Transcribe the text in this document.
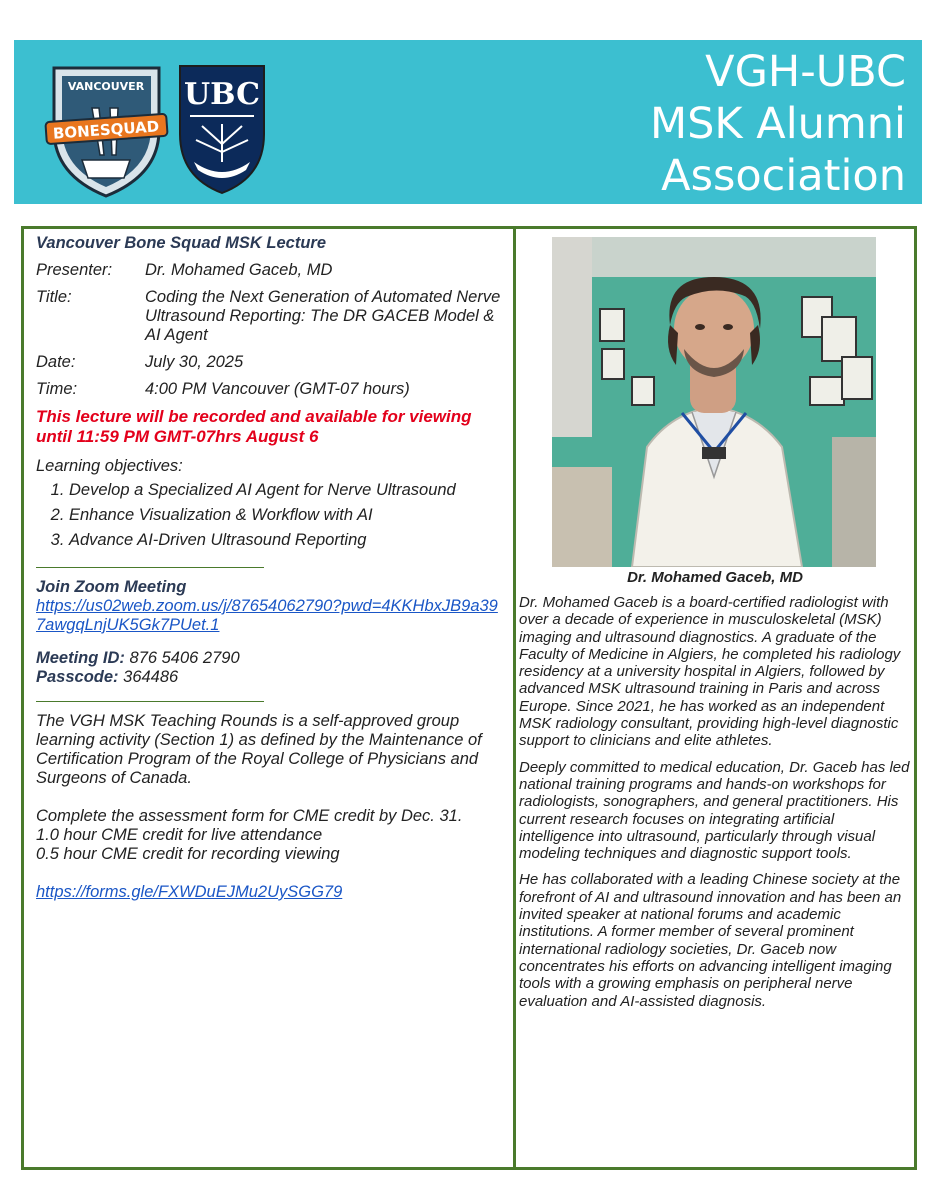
VANCOUVER
BONESQUAD
UBC	VGH-UBC
MSK Alumni
Association
Vancouver Bone Squad MSK Lecture
Presenter:	Dr. Mohamed Gaceb, MD
Title:	Coding the Next Generation of Automated Nerve Ultrasound Reporting: The DR GACEB Model & AI Agent
Date:	July 30, 2025
Time:	4:00 PM Vancouver (GMT-07 hours)
This lecture will be recorded and available for viewing until 11:59 PM GMT-07hrs August 6
Learning objectives:
1. Develop a Specialized AI Agent for Nerve Ultrasound
2. Enhance Visualization & Workflow with AI
3. Advance AI-Driven Ultrasound Reporting
Join Zoom Meeting
https://us02web.zoom.us/j/87654062790?pwd=4KKHbxJB9a397awgqLnjUK5Gk7PUet.1
Meeting ID: 876 5406 2790
Passcode: 364486
The VGH MSK Teaching Rounds is a self-approved group learning activity (Section 1) as defined by the Maintenance of Certification Program of the Royal College of Physicians and Surgeons of Canada.
Complete the assessment form for CME credit by Dec. 31.
1.0 hour CME credit for live attendance
0.5 hour CME credit for recording viewing
https://forms.gle/FXWDuEJMu2UySGG79
Dr. Mohamed Gaceb, MD

Dr. Mohamed Gaceb is a board-certified radiologist with over a decade of experience in musculoskeletal (MSK) imaging and ultrasound diagnostics. A graduate of the Faculty of Medicine in Algiers, he completed his radiology residency at a university hospital in Algiers, followed by advanced MSK ultrasound training in Paris and across Europe. Since 2021, he has worked as an independent MSK radiology consultant, providing high-level diagnostic support to clinicians and elite athletes.

Deeply committed to medical education, Dr. Gaceb has led national training programs and hands-on workshops for radiologists, sonographers, and general practitioners. His current research focuses on integrating artificial intelligence into ultrasound, particularly through visual modeling techniques and diagnostic support tools.

He has collaborated with a leading Chinese society at the forefront of AI and ultrasound innovation and has been an invited speaker at national forums and academic institutions. A former member of several prominent international radiology societies, Dr. Gaceb now concentrates his efforts on advancing intelligent imaging tools with a growing emphasis on peripheral nerve evaluation and AI-assisted diagnosis.
